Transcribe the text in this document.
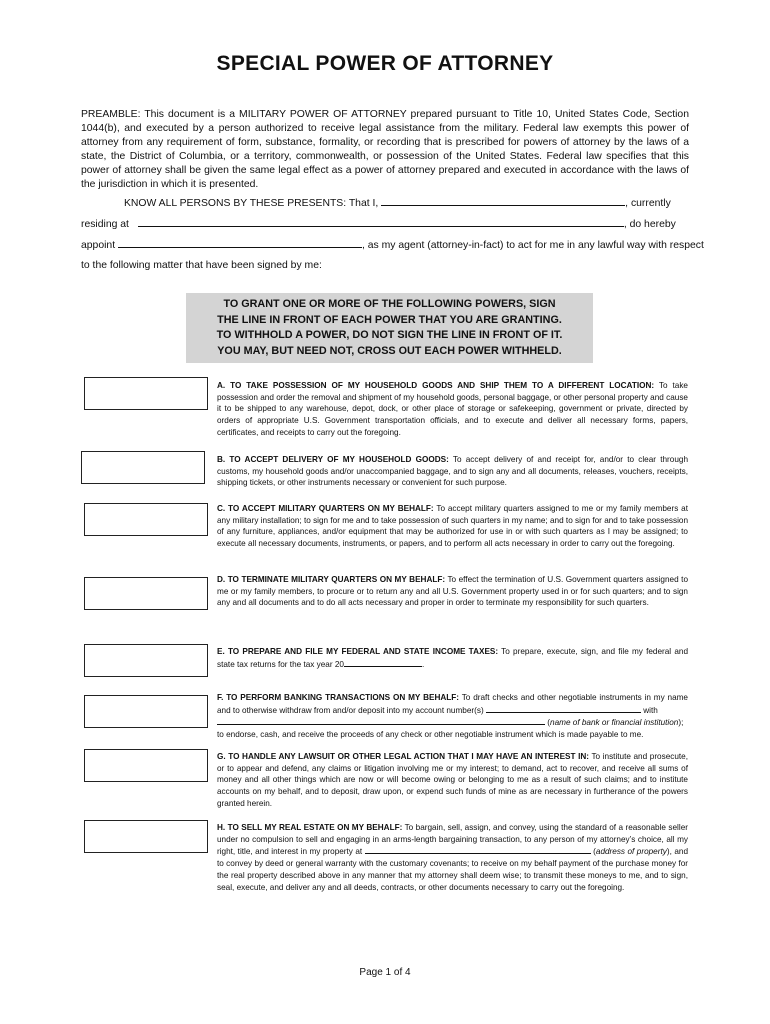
SPECIAL POWER OF ATTORNEY
PREAMBLE: This document is a MILITARY POWER OF ATTORNEY prepared pursuant to Title 10, United States Code, Section 1044(b), and executed by a person authorized to receive legal assistance from the military. Federal law exempts this power of attorney from any requirement of form, substance, formality, or recording that is prescribed for powers of attorney by the laws of a state, the District of Columbia, or a territory, commonwealth, or possession of the United States. Federal law specifies that this power of attorney shall be given the same legal effect as a power of attorney prepared and executed in accordance with the laws of the jurisdiction in which it is presented.
KNOW ALL PERSONS BY THESE PRESENTS: That I,	, currently
residing at	, do hereby
appoint	, as my agent (attorney-in-fact) to act for me in any lawful way with respect
to the following matter that have been signed by me:
TO GRANT ONE OR MORE OF THE FOLLOWING POWERS, SIGN
THE LINE IN FRONT OF EACH POWER THAT YOU ARE GRANTING.
TO WITHHOLD A POWER, DO NOT SIGN THE LINE IN FRONT OF IT.
YOU MAY, BUT NEED NOT, CROSS OUT EACH POWER WITHHELD.
A. TO TAKE POSSESSION OF MY HOUSEHOLD GOODS AND SHIP THEM TO A DIFFERENT LOCATION: To take possession and order the removal and shipment of my household goods, personal baggage, or other personal property and cause it to be shipped to any warehouse, depot, dock, or other place of storage or safekeeping, government or private, directed by orders of appropriate U.S. Government transportation officials, and to execute and deliver all necessary forms, papers, certificates, and receipts to carry out the foregoing.
B. TO ACCEPT DELIVERY OF MY HOUSEHOLD GOODS: To accept delivery of and receipt for, and/or to clear through customs, my household goods and/or unaccompanied baggage, and to sign any and all documents, releases, vouchers, receipts, shipping tickets, or other instruments necessary or convenient for such purpose.
C. TO ACCEPT MILITARY QUARTERS ON MY BEHALF: To accept military quarters assigned to me or my family members at any military installation; to sign for me and to take possession of such quarters in my name; and to sign for and to take possession of any furniture, appliances, and/or equipment that may be authorized for use in or with such quarters as I may be assigned; to execute all necessary documents, instruments, or papers, and to perform all acts necessary in order to carry out the foregoing.
D. TO TERMINATE MILITARY QUARTERS ON MY BEHALF: To effect the termination of U.S. Government quarters assigned to me or my family members, to procure or to return any and all U.S. Government property used in or for such quarters; and to sign any and all documents and to do all acts necessary and proper in order to terminate my responsibility for such quarters.
E. TO PREPARE AND FILE MY FEDERAL AND STATE INCOME TAXES: To prepare, execute, sign, and file my federal and state tax returns for the tax year 20	.
F. TO PERFORM BANKING TRANSACTIONS ON MY BEHALF: To draft checks and other negotiable instruments in my name and to otherwise withdraw from and/or deposit into my account number(s)	with
(name of bank or financial institution);
to endorse, cash, and receive the proceeds of any check or other negotiable instrument which is made payable to me.
G. TO HANDLE ANY LAWSUIT OR OTHER LEGAL ACTION THAT I MAY HAVE AN INTEREST IN: To institute and prosecute, or to appear and defend, any claims or litigation involving me or my interest; to demand, act to recover, and receive all sums of money and all other things which are now or will become owing or belonging to me as a result of such claims; and to institute accounts on my behalf, and to deposit, draw upon, or expend such funds of mine as are necessary in furtherance of the powers granted herein.
H. TO SELL MY REAL ESTATE ON MY BEHALF: To bargain, sell, assign, and convey, using the standard of a reasonable seller under no compulsion to sell and engaging in an arms-length bargaining transaction, to any person of my attorney’s choice, all my right, title, and interest in my property at	(address of property), and to convey by deed or general warranty with the customary covenants; to receive on my behalf payment of the purchase money for the real property described above in any manner that my attorney shall deem wise; to transmit these moneys to me, and to sign, seal, execute, and deliver any and all deeds, contracts, or other documents necessary to carry out the foregoing.
Page 1 of 4
